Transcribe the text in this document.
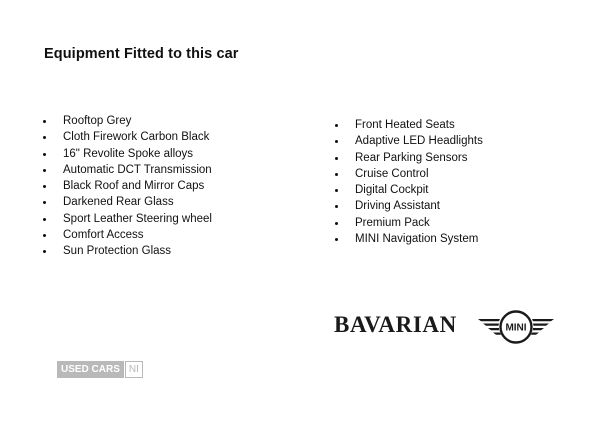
Equipment Fitted to this car
Rooftop Grey
Cloth Firework Carbon Black
16" Revolite Spoke alloys
Automatic DCT Transmission
Black Roof and Mirror Caps
Darkened Rear Glass
Sport Leather Steering wheel
Comfort Access
Sun Protection Glass
Front Heated Seats
Adaptive LED Headlights
Rear Parking Sensors
Cruise Control
Digital Cockpit
Driving Assistant
Premium Pack
MINI Navigation System
BAVARIAN	MINI
USED CARS NI
